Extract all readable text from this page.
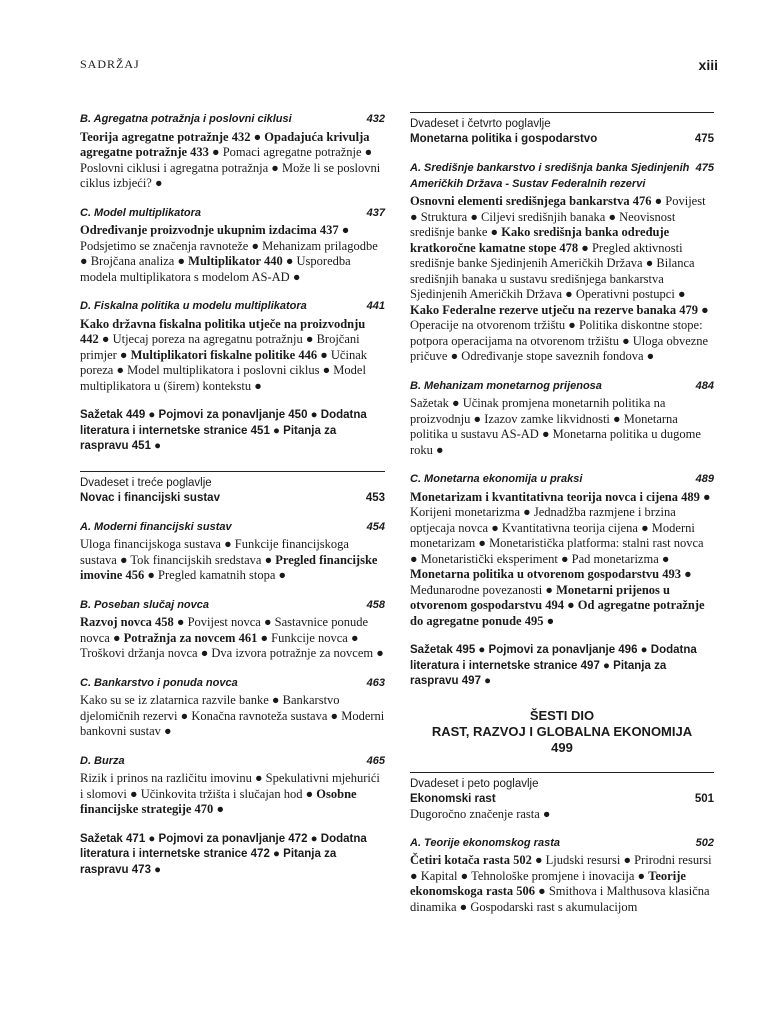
SADRŽAJ	xiii
B. Agregatna potražnja i poslovni ciklusi	432
Teorija agregatne potražnje 432 ● Opadajuća krivulja agregatne potražnje 433 ● Pomaci agregatne potražnje ● Poslovni ciklusi i agregatna potražnja ● Može li se poslovni ciklus izbjeći? ●
C. Model multiplikatora	437
Određivanje proizvodnje ukupnim izdacima 437 ● Podsjetimo se značenja ravnoteže ● Mehanizam prilagodbe ● Brojčana analiza ● Multiplikator 440 ● Usporedba modela multiplikatora s modelom AS-AD ●
D. Fiskalna politika u modelu multiplikatora	441
Kako državna fiskalna politika utječe na proizvodnju 442 ● Utjecaj poreza na agregatnu potražnju ● Brojčani primjer ● Multiplikatori fiskalne politike 446 ● Učinak poreza ● Model multiplikatora i poslovni ciklus ● Model multiplikatora u (širem) kontekstu ●
Sažetak 449 ● Pojmovi za ponavljanje 450 ● Dodatna literatura i internetske stranice 451 ● Pitanja za raspravu 451 ●
Dvadeset i treće poglavlje
Novac i financijski sustav	453
A. Moderni financijski sustav	454
Uloga financijskoga sustava ● Funkcije financijskoga sustava ● Tok financijskih sredstava ● Pregled financijske imovine 456 ● Pregled kamatnih stopa ●
B. Poseban slučaj novca	458
Razvoj novca 458 ● Povijest novca ● Sastavnice ponude novca ● Potražnja za novcem 461 ● Funkcije novca ● Troškovi držanja novca ● Dva izvora potražnje za novcem ●
C. Bankarstvo i ponuda novca	463
Kako su se iz zlatarnica razvile banke ● Bankarstvo djelomičnih rezervi ● Konačna ravnoteža sustava ● Moderni bankovni sustav ●
D. Burza	465
Rizik i prinos na različitu imovinu ● Spekulativni mjehurići i slomovi ● Učinkovita tržišta i slučajan hod ● Osobne financijske strategije 470 ●
Sažetak 471 ● Pojmovi za ponavljanje 472 ● Dodatna literatura i internetske stranice 472 ● Pitanja za raspravu 473 ●
Dvadeset i četvrto poglavlje
Monetarna politika i gospodarstvo	475
A. Središnje bankarstvo i središnja banka Sjedinjenih Američkih Država - Sustav Federalnih rezervi
475
Osnovni elementi središnjega bankarstva 476 ● Povijest ● Struktura ● Ciljevi središnjih banaka ● Neovisnost središnje banke ● Kako središnja banka određuje kratkoročne kamatne stope 478 ● Pregled aktivnosti središnje banke Sjedinjenih Američkih Država ● Bilanca središnjih banaka u sustavu središnjega bankarstva Sjedinjenih Američkih Država ● Operativni postupci ● Kako Federalne rezerve utječu na rezerve banaka 479 ● Operacije na otvorenom tržištu ● Politika diskontne stope: potpora operacijama na otvorenom tržištu ● Uloga obvezne pričuve ● Određivanje stope saveznih fondova ●
B. Mehanizam monetarnog prijenosa	484
Sažetak ● Učinak promjena monetarnih politika na proizvodnju ● Izazov zamke likvidnosti ● Monetarna politika u sustavu AS-AD ● Monetarna politika u dugome roku ●
C. Monetarna ekonomija u praksi	489
Monetarizam i kvantitativna teorija novca i cijena 489 ● Korijeni monetarizma ● Jednadžba razmjene i brzina optjecaja novca ● Kvantitativna teorija cijena ● Moderni monetarizam ● Monetaristička platforma: stalni rast novca ● Monetaristički eksperiment ● Pad monetarizma ● Monetarna politika u otvorenom gospodarstvu 493 ● Međunarodne povezanosti ● Monetarni prijenos u otvorenom gospodarstvu 494 ● Od agregatne potražnje do agregatne ponude 495 ●
Sažetak 495 ● Pojmovi za ponavljanje 496 ● Dodatna literatura i internetske stranice 497 ● Pitanja za raspravu 497 ●
ŠESTI DIO
RAST, RAZVOJ I GLOBALNA EKONOMIJA
499
Dvadeset i peto poglavlje
Ekonomski rast	501
Dugoročno značenje rasta ●
A. Teorije ekonomskog rasta	502
Četiri kotača rasta 502 ● Ljudski resursi ● Prirodni resursi ● Kapital ● Tehnološke promjene i inovacija ● Teorije ekonomskoga rasta 506 ● Smithova i Malthusova klasična dinamika ● Gospodarski rast s akumulacijom
